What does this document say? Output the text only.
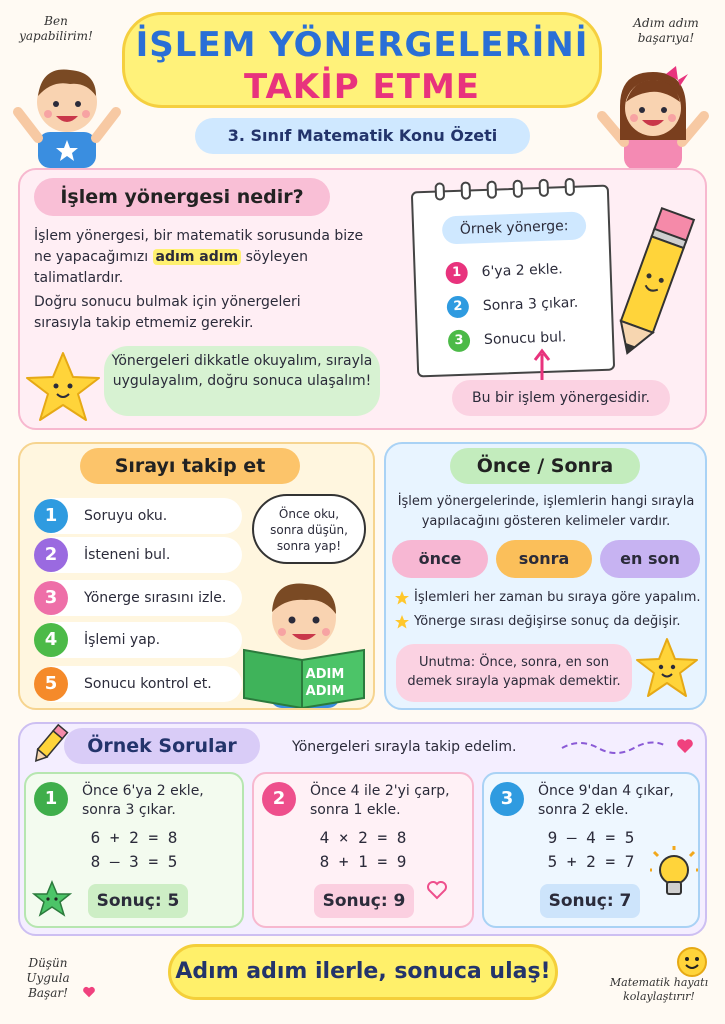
Ben yapabilirim!
Adım adım başarıya!
İŞLEM YÖNERGELERİNİ
TAKİP ETME
3. Sınıf Matematik Konu Özeti
İşlem yönergesi nedir?
İşlem yönergesi, bir matematik sorusunda bize ne yapacağımızı adım adım söyleyen talimatlardır.
Doğru sonucu bulmak için yönergeleri sırasıyla takip etmemiz gerekir.
Yönergeleri dikkatle okuyalım, sırayla uygulayalım, doğru sonuca ulaşalım!
Örnek yönerge:
1	6'ya 2 ekle.
2	Sonra 3 çıkar.
3	Sonucu bul.
Bu bir işlem yönergesidir.
Sırayı takip et
1	Soruyu oku.
2	İsteneni bul.
3	Yönerge sırasını izle.
4	İşlemi yap.
5	Sonucu kontrol et.
Önce oku, sonra düşün, sonra yap!
ADIM ADIM
Önce / Sonra
İşlem yönergelerinde, işlemlerin hangi sırayla yapılacağını gösteren kelimeler vardır.
önce	sonra	en son
İşlemleri her zaman bu sıraya göre yapalım.
Yönerge sırası değişirse sonuç da değişir.
Unutma: Önce, sonra, en son demek sırayla yapmak demektir.
Örnek Sorular	Yönergeleri sırayla takip edelim.
1	Önce 6'ya 2 ekle,
sonra 3 çıkar.
6 + 2 = 8
8 – 3 = 5
Sonuç: 5
2	Önce 4 ile 2'yi çarp,
sonra 1 ekle.
4 × 2 = 8
8 + 1 = 9
Sonuç: 9
3	Önce 9'dan 4 çıkar,
sonra 2 ekle.
9 – 4 = 5
5 + 2 = 7
Sonuç: 7
Düşün Uygula Başar!
Adım adım ilerle, sonuca ulaş!	Matematik hayatı kolaylaştırır!
